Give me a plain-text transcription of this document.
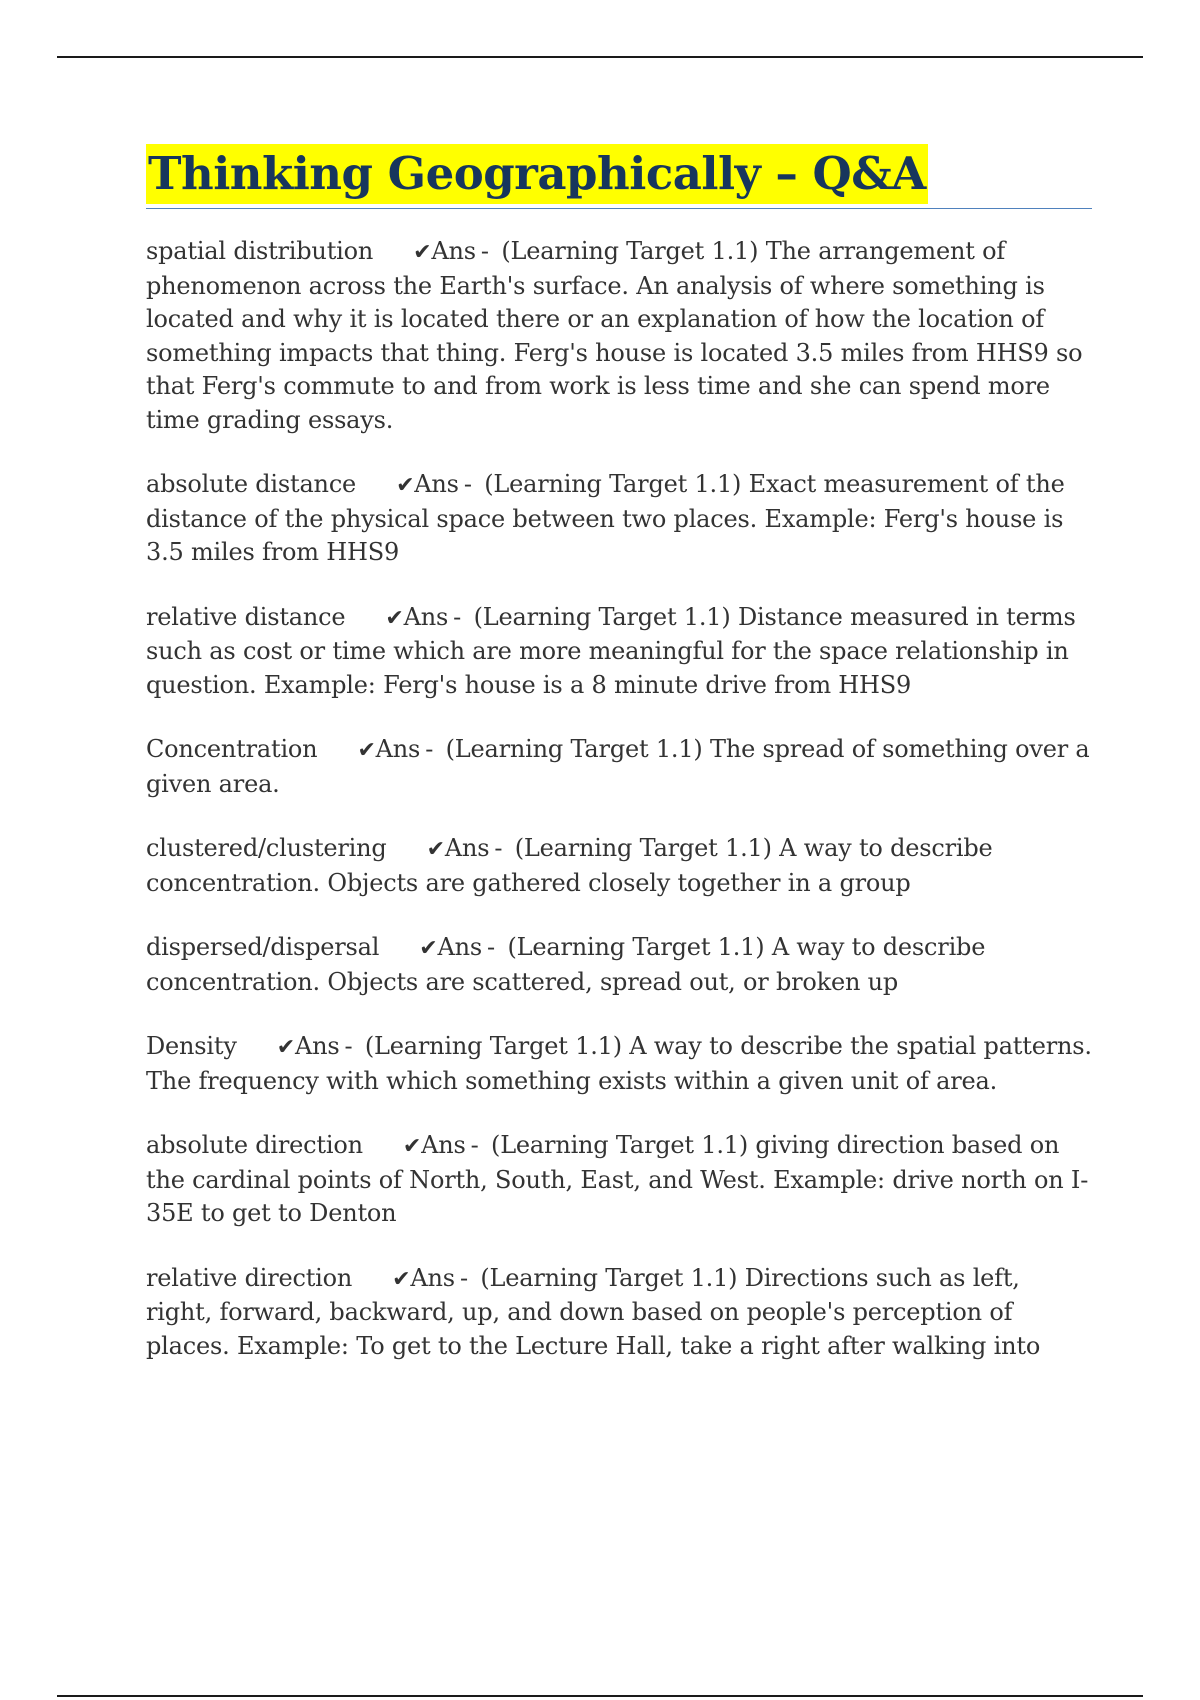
Thinking Geographically – Q&A

spatial distribution ✔Ans - (Learning Target 1.1) The arrangement of phenomenon across the Earth's surface. An analysis of where something is located and why it is located there or an explanation of how the location of something impacts that thing. Ferg's house is located 3.5 miles from HHS9 so that Ferg's commute to and from work is less time and she can spend more time grading essays.

absolute distance ✔Ans - (Learning Target 1.1) Exact measurement of the distance of the physical space between two places. Example: Ferg's house is 3.5 miles from HHS9

relative distance ✔Ans - (Learning Target 1.1) Distance measured in terms such as cost or time which are more meaningful for the space relationship in question. Example: Ferg's house is a 8 minute drive from HHS9

Concentration ✔Ans - (Learning Target 1.1) The spread of something over a given area.

clustered/clustering ✔Ans - (Learning Target 1.1) A way to describe concentration. Objects are gathered closely together in a group

dispersed/dispersal ✔Ans - (Learning Target 1.1) A way to describe concentration. Objects are scattered, spread out, or broken up

Density ✔Ans - (Learning Target 1.1) A way to describe the spatial patterns. The frequency with which something exists within a given unit of area.

absolute direction ✔Ans - (Learning Target 1.1) giving direction based on the cardinal points of North, South, East, and West. Example: drive north on I-35E to get to Denton

relative direction ✔Ans - (Learning Target 1.1) Directions such as left, right, forward, backward, up, and down based on people's perception of places. Example: To get to the Lecture Hall, take a right after walking into
